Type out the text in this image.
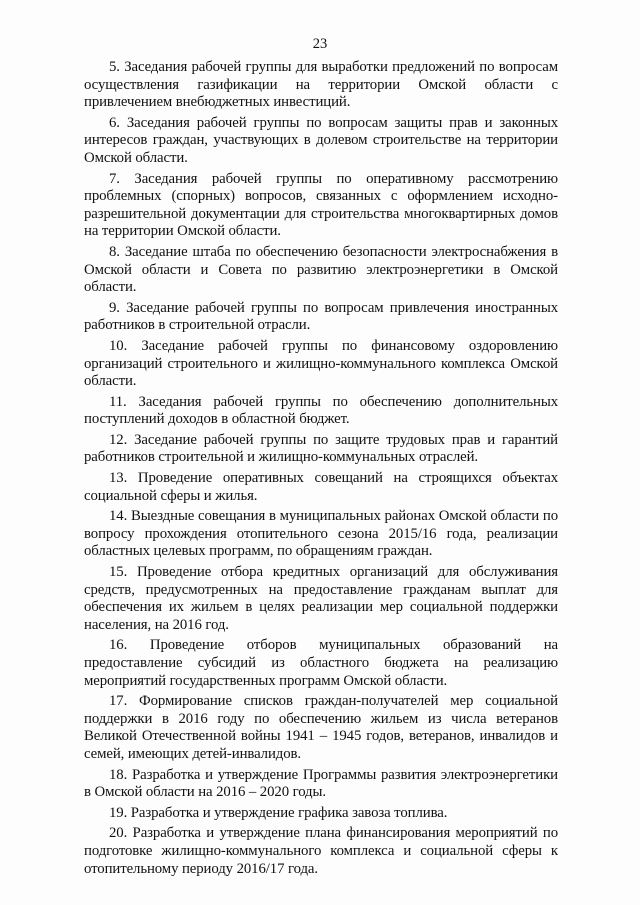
23

5. Заседания рабочей группы для выработки предложений по вопросам осуществления газификации на территории Омской области с привлечением внебюджетных инвестиций.

6. Заседания рабочей группы по вопросам защиты прав и законных интересов граждан, участвующих в долевом строительстве на территории Омской области.

7. Заседания рабочей группы по оперативному рассмотрению проблемных (спорных) вопросов, связанных с оформлением исходно-разрешительной документации для строительства многоквартирных домов на территории Омской области.

8. Заседание штаба по обеспечению безопасности электроснабжения в Омской области и Совета по развитию электроэнергетики в Омской области.

9. Заседание рабочей группы по вопросам привлечения иностранных работников в строительной отрасли.

10. Заседание рабочей группы по финансовому оздоровлению организаций строительного и жилищно-коммунального комплекса Омской области.

11. Заседания рабочей группы по обеспечению дополнительных поступлений доходов в областной бюджет.

12. Заседание рабочей группы по защите трудовых прав и гарантий работников строительной и жилищно-коммунальных отраслей.

13. Проведение оперативных совещаний на строящихся объектах социальной сферы и жилья.

14. Выездные совещания в муниципальных районах Омской области по вопросу прохождения отопительного сезона 2015/16 года, реализации областных целевых программ, по обращениям граждан.

15. Проведение отбора кредитных организаций для обслуживания средств, предусмотренных на предоставление гражданам выплат для обеспечения их жильем в целях реализации мер социальной поддержки населения, на 2016 год.

16. Проведение отборов муниципальных образований на предоставление субсидий из областного бюджета на реализацию мероприятий государственных программ Омской области.

17. Формирование списков граждан-получателей мер социальной поддержки в 2016 году по обеспечению жильем из числа ветеранов Великой Отечественной войны 1941 – 1945 годов, ветеранов, инвалидов и семей, имеющих детей-инвалидов.

18. Разработка и утверждение Программы развития электроэнергетики в Омской области на 2016 – 2020 годы.

19. Разработка и утверждение графика завоза топлива.

20. Разработка и утверждение плана финансирования мероприятий по подготовке жилищно-коммунального комплекса и социальной сферы к отопительному периоду 2016/17 года.
